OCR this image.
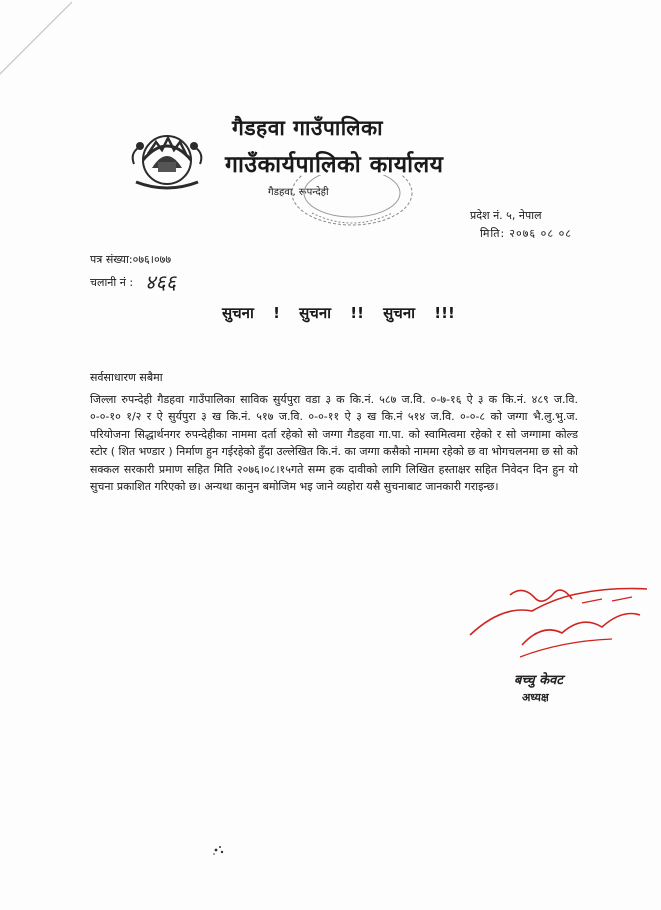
गैडहवा गाउँपालिका
गाउँकार्यपालिको कार्यालय
गैडहवा, रूपन्देही
प्रदेश नं. ५, नेपाल
मिति: २०७६ ०८ ०८
पत्र संख्या:०७६।०७७
चलानी नं : ४६६
सुचना ! सुचना !! सुचना !!!
सर्वसाधारण सबैमा
जिल्ला रुपन्देही गैडहवा गाउँपालिका साविक सुर्यपुरा वडा ३ क कि.नं. ५८७ ज.वि. ०-७-१६ ऐ ३ क कि.नं. ४८९ ज.वि. ०-०-१० १/२ र ऐ सुर्यपुरा ३ ख कि.नं. ५१७ ज.वि. ०-०-११ ऐ ३ ख कि.नं ५१४ ज.वि. ०-०-८ को जग्गा भै.लु.भु.ज. परियोजना सिद्धार्थनगर रुपन्देहीका नाममा दर्ता रहेको सो जग्गा गैडहवा गा.पा. को स्वामित्वमा रहेको र सो जग्गामा कोल्ड स्टोर ( शित भण्डार ) निर्माण हुन गईरहेको हुँदा उल्लेखित कि.नं. का जग्गा कसैको नाममा रहेको छ वा भोगचलनमा छ सो को सक्कल सरकारी प्रमाण सहित मिति २०७६।०८।१५गते सम्म हक दावीको लागि लिखित हस्ताक्षर सहित निवेदन दिन हुन यो सुचना प्रकाशित गरिएको छ। अन्यथा कानुन बमोजिम भइ जाने व्यहोरा यसै सुचनाबाट जानकारी गराइन्छ।
बच्चु केवट
अध्यक्ष
